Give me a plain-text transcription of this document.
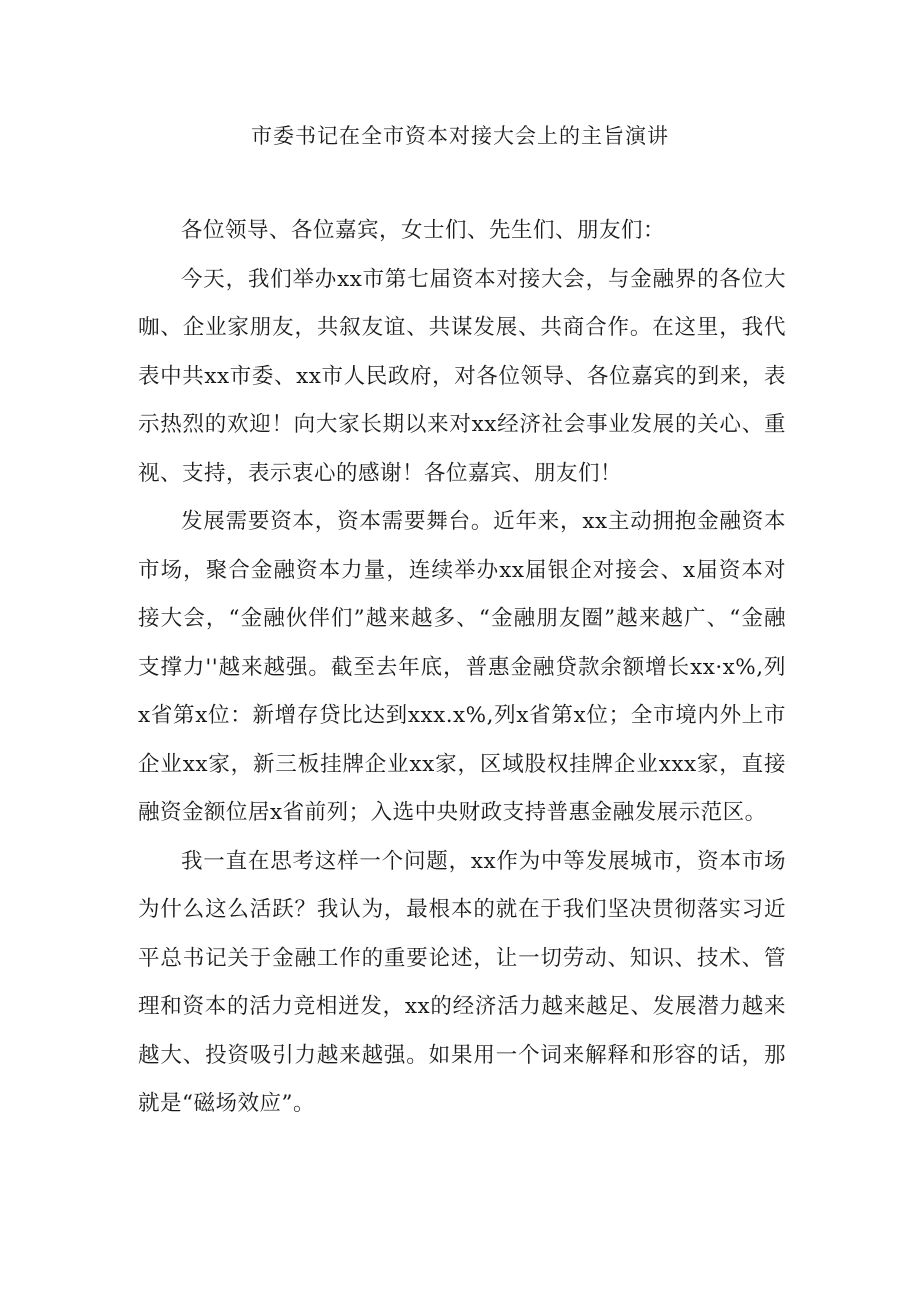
市委书记在全市资本对接大会上的主旨演讲

各位领导、各位嘉宾，女士们、先生们、朋友们：

今天，我们举办xx市第七届资本对接大会，与金融界的各位大咖、企业家朋友，共叙友谊、共谋发展、共商合作。在这里，我代表中共xx市委、xx市人民政府，对各位领导、各位嘉宾的到来，表示热烈的欢迎！向大家长期以来对xx经济社会事业发展的关心、重视、支持，表示衷心的感谢！各位嘉宾、朋友们！

发展需要资本，资本需要舞台。近年来，xx主动拥抱金融资本市场，聚合金融资本力量，连续举办xx届银企对接会、x届资本对接大会，“金融伙伴们”越来越多、“金融朋友圈”越来越广、“金融支撑力''越来越强。截至去年底，普惠金融贷款余额增长xx·x%,列x省第x位：新增存贷比达到xxx.x%,列x省第x位；全市境内外上市企业xx家，新三板挂牌企业xx家，区域股权挂牌企业xxx家，直接融资金额位居x省前列；入选中央财政支持普惠金融发展示范区。

我一直在思考这样一个问题，xx作为中等发展城市，资本市场为什么这么活跃？我认为，最根本的就在于我们坚决贯彻落实习近平总书记关于金融工作的重要论述，让一切劳动、知识、技术、管理和资本的活力竞相迸发，xx的经济活力越来越足、发展潜力越来越大、投资吸引力越来越强。如果用一个词来解释和形容的话，那就是“磁场效应”。
